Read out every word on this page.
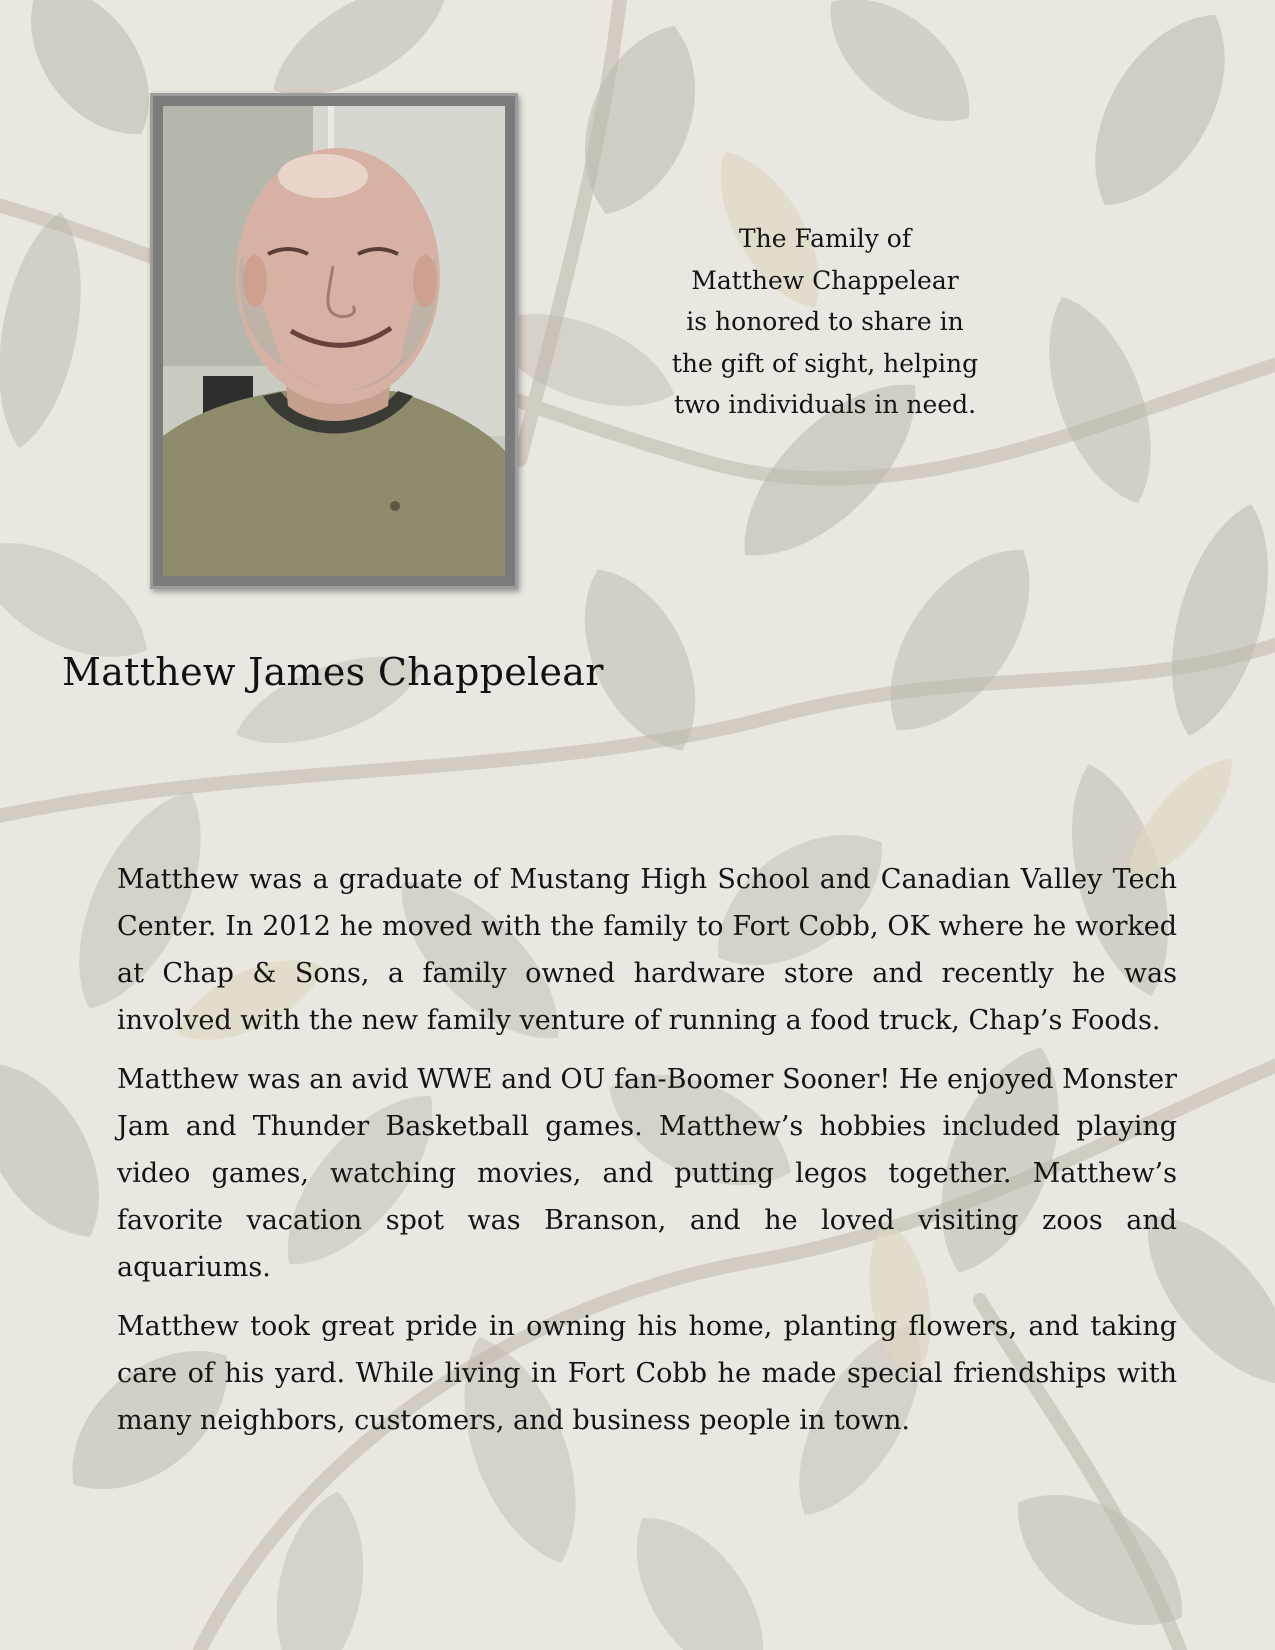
The Family of
Matthew Chappelear
is honored to share in
the gift of sight, helping
two individuals in need.

Matthew James Chappelear

Matthew was a graduate of Mustang High School and Canadian Valley Tech Center. In 2012 he moved with the family to Fort Cobb, OK where he worked at Chap & Sons, a family owned hardware store and recently he was involved with the new family venture of running a food truck, Chap’s Foods.

Matthew was an avid WWE and OU fan-Boomer Sooner! He enjoyed Monster Jam and Thunder Basketball games. Matthew’s hobbies included playing video games, watching movies, and putting legos together. Matthew’s favorite vacation spot was Branson, and he loved visiting zoos and aquariums.

Matthew took great pride in owning his home, planting flowers, and taking care of his yard. While living in Fort Cobb he made special friendships with many neighbors, customers, and business people in town.
